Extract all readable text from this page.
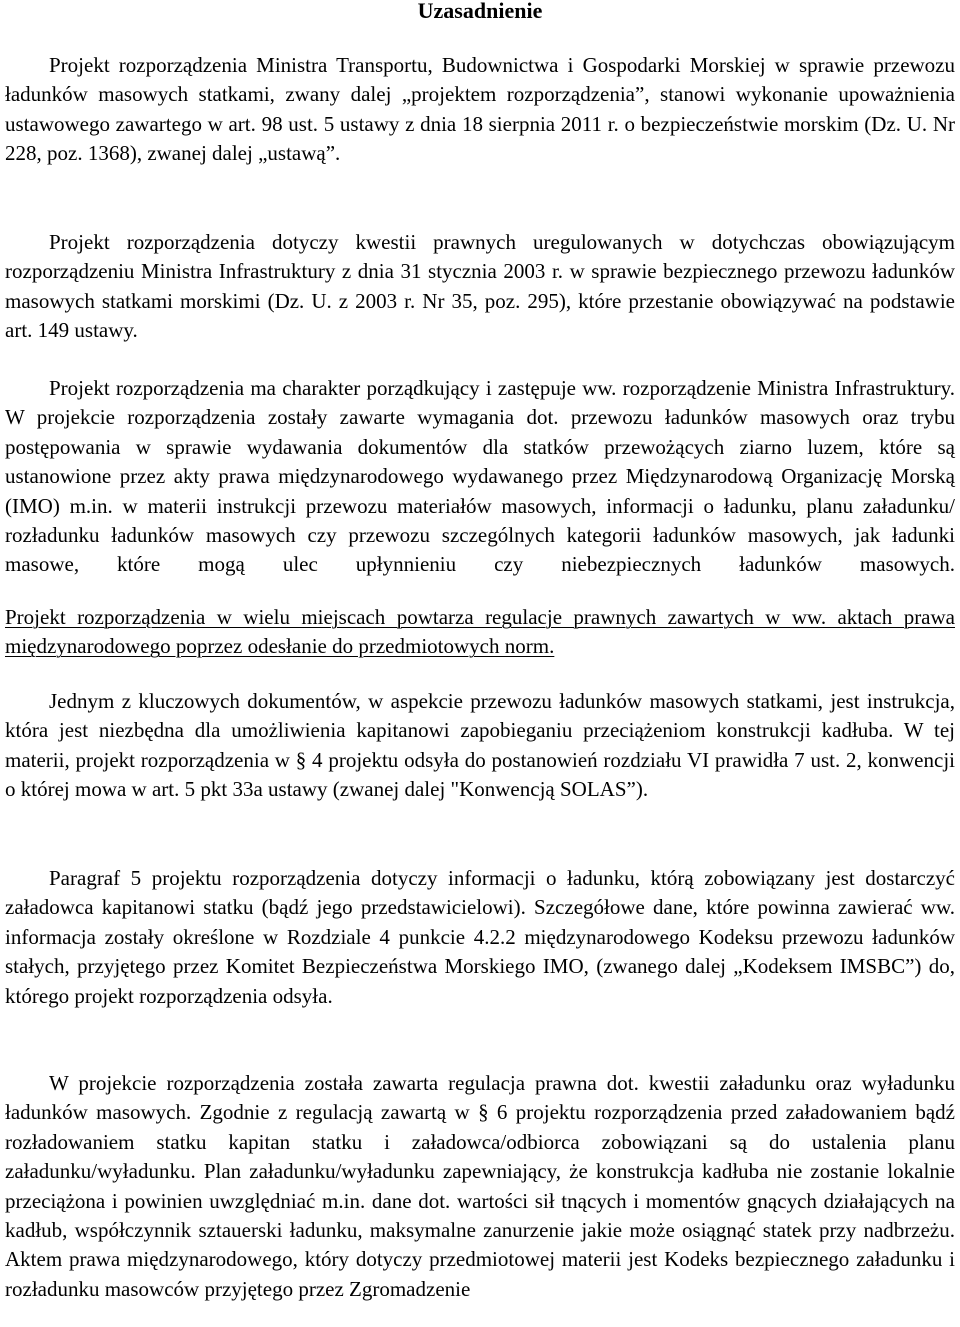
Uzasadnienie

Projekt rozporządzenia Ministra Transportu, Budownictwa i Gospodarki Morskiej w sprawie przewozu ładunków masowych statkami, zwany dalej „projektem rozporządzenia”, stanowi wykonanie upoważnienia ustawowego zawartego w art. 98 ust. 5 ustawy z dnia 18 sierpnia 2011 r. o bezpieczeństwie morskim (Dz. U. Nr 228, poz. 1368), zwanej dalej „ustawą”.

Projekt rozporządzenia dotyczy kwestii prawnych uregulowanych w dotychczas obowiązującym rozporządzeniu Ministra Infrastruktury z dnia 31 stycznia 2003 r. w sprawie bezpiecznego przewozu ładunków masowych statkami morskimi (Dz. U. z 2003 r. Nr 35, poz. 295), które przestanie obowiązywać na podstawie art. 149 ustawy.

Projekt rozporządzenia ma charakter porządkujący i zastępuje ww. rozporządzenie Ministra Infrastruktury. W projekcie rozporządzenia zostały zawarte wymagania dot. przewozu ładunków masowych oraz trybu postępowania w sprawie wydawania dokumentów dla statków przewożących ziarno luzem, które są ustanowione przez akty prawa międzynarodowego wydawanego przez Międzynarodową Organizację Morską (IMO) m.in. w materii instrukcji przewozu materiałów masowych, informacji o ładunku, planu załadunku/ rozładunku ładunków masowych czy przewozu szczególnych kategorii ładunków masowych, jak ładunki masowe, które mogą ulec upłynnieniu czy niebezpiecznych ładunków masowych.

Projekt rozporządzenia w wielu miejscach powtarza regulacje prawnych zawartych w ww. aktach prawa międzynarodowego poprzez odesłanie do przedmiotowych norm.

Jednym z kluczowych dokumentów, w aspekcie przewozu ładunków masowych statkami, jest instrukcja, która jest niezbędna dla umożliwienia kapitanowi zapobieganiu przeciążeniom konstrukcji kadłuba. W tej materii, projekt rozporządzenia w § 4 projektu odsyła do postanowień rozdziału VI prawidła 7 ust. 2, konwencji o której mowa w art. 5 pkt 33a ustawy (zwanej dalej "Konwencją SOLAS”).

Paragraf 5 projektu rozporządzenia dotyczy informacji o ładunku, którą zobowiązany jest dostarczyć załadowca kapitanowi statku (bądź jego przedstawicielowi). Szczegółowe dane, które powinna zawierać ww. informacja zostały określone w Rozdziale 4 punkcie 4.2.2 międzynarodowego Kodeksu przewozu ładunków stałych, przyjętego przez Komitet Bezpieczeństwa Morskiego IMO, (zwanego dalej „Kodeksem IMSBC”) do, którego projekt rozporządzenia odsyła.

W projekcie rozporządzenia została zawarta regulacja prawna dot. kwestii załadunku oraz wyładunku ładunków masowych. Zgodnie z regulacją zawartą w § 6 projektu rozporządzenia przed załadowaniem bądź rozładowaniem statku kapitan statku i załadowca/odbiorca zobowiązani są do ustalenia planu załadunku/wyładunku. Plan załadunku/wyładunku zapewniający, że konstrukcja kadłuba nie zostanie lokalnie przeciążona i powinien uwzględniać m.in. dane dot. wartości sił tnących i momentów gnących działających na kadłub, współczynnik sztauerski ładunku, maksymalne zanurzenie jakie może osiągnąć statek przy nadbrzeżu. Aktem prawa międzynarodowego, który dotyczy przedmiotowej materii jest Kodeks bezpiecznego załadunku i rozładunku masowców przyjętego przez Zgromadzenie
